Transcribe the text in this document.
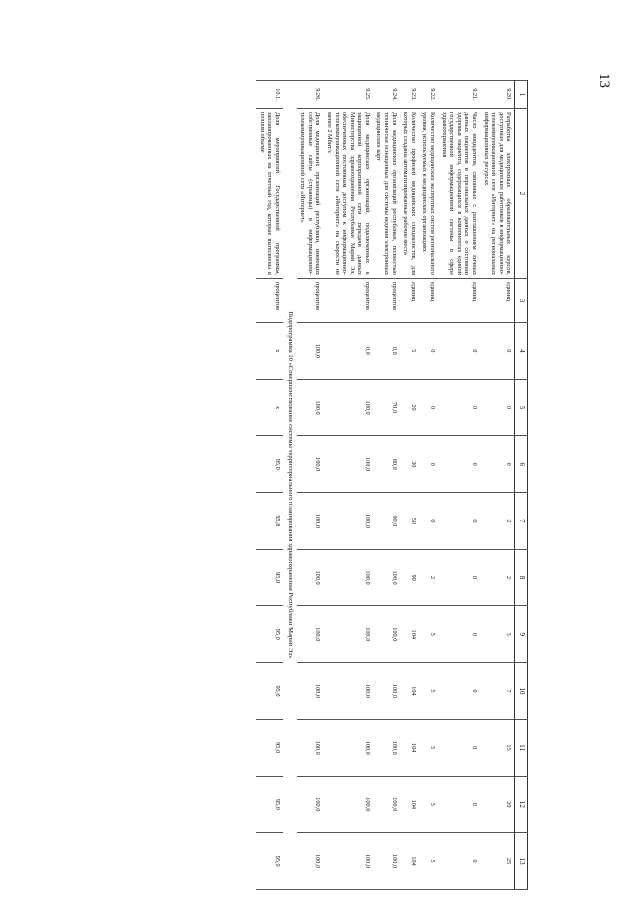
13
1	2	3	4	5	6	7	8	9	10	11	12	13
9.20.	Разработка электронных образовательных курсов, доступных для медицинских работников в информационно-телекоммуникационной сети «Интернет» на региональных информационных ресурсах	единиц	0	0	0	2	2	5	7	15	20	25
9.21.	Число инцидентов, связанных с разглашением личных данных пациентов и персональных данных о состоянии здоровья пациента, содержащихся в компонентах единой государственной информационной системы в сфере здравоохранения	единиц	0	0	0	0	0	0	0	0	0	0
9.22.	Количество медицинских экспертных систем регионального уровня, используемых в медицинских организациях	единиц	0	0	0	0	2	5	5	5	5	5
9.23.	Количество профилей медицинских специалистов, для которых созданы автоматизированные рабочие места	единиц	5	20	30	50	90	104	104	104	104	104
9.24.	Доля медицинских организаций республики, полностью технически оснащенных для системы ведения электронных медицинских карт	процентов	0,0	70,0	80,0	90,0	100,0	100,0	100,0	100,0	100,0	100,0
9.25.	Доля медицинских организаций, подключенных к защищенной корпоративной сети передачи данных Министерства здравоохранения Республики Марий Эл, обеспеченных постоянным доступом к информационно-телекоммуникационной сети «Интернет» на скорости не менее 2 Мбит/с	процентов	0,0	100,0	100,0	100,0	100,0	100,0	100,0	100,0	100,0	100,0
9.26.	Доля медицинских организаций республики, имеющих собственные сайты (страницы) в информационно-телекоммуникационной сети «Интернет»	процентов	100,0	100,0	100,0	100,0	100,0	100,0	100,0	100,0	100,0	100,0
Подпрограмма 10 «Совершенствование системы территориального планирования здравоохранения Республики Марий Эл»												
10.1.	Доля мероприятий Государственной программы, запланированных на отчетный год, которые выполнены в полном объеме	процентов	x	x	95,0	95,8	95,0	95,0	95,0	95,0	95,0	95,0
